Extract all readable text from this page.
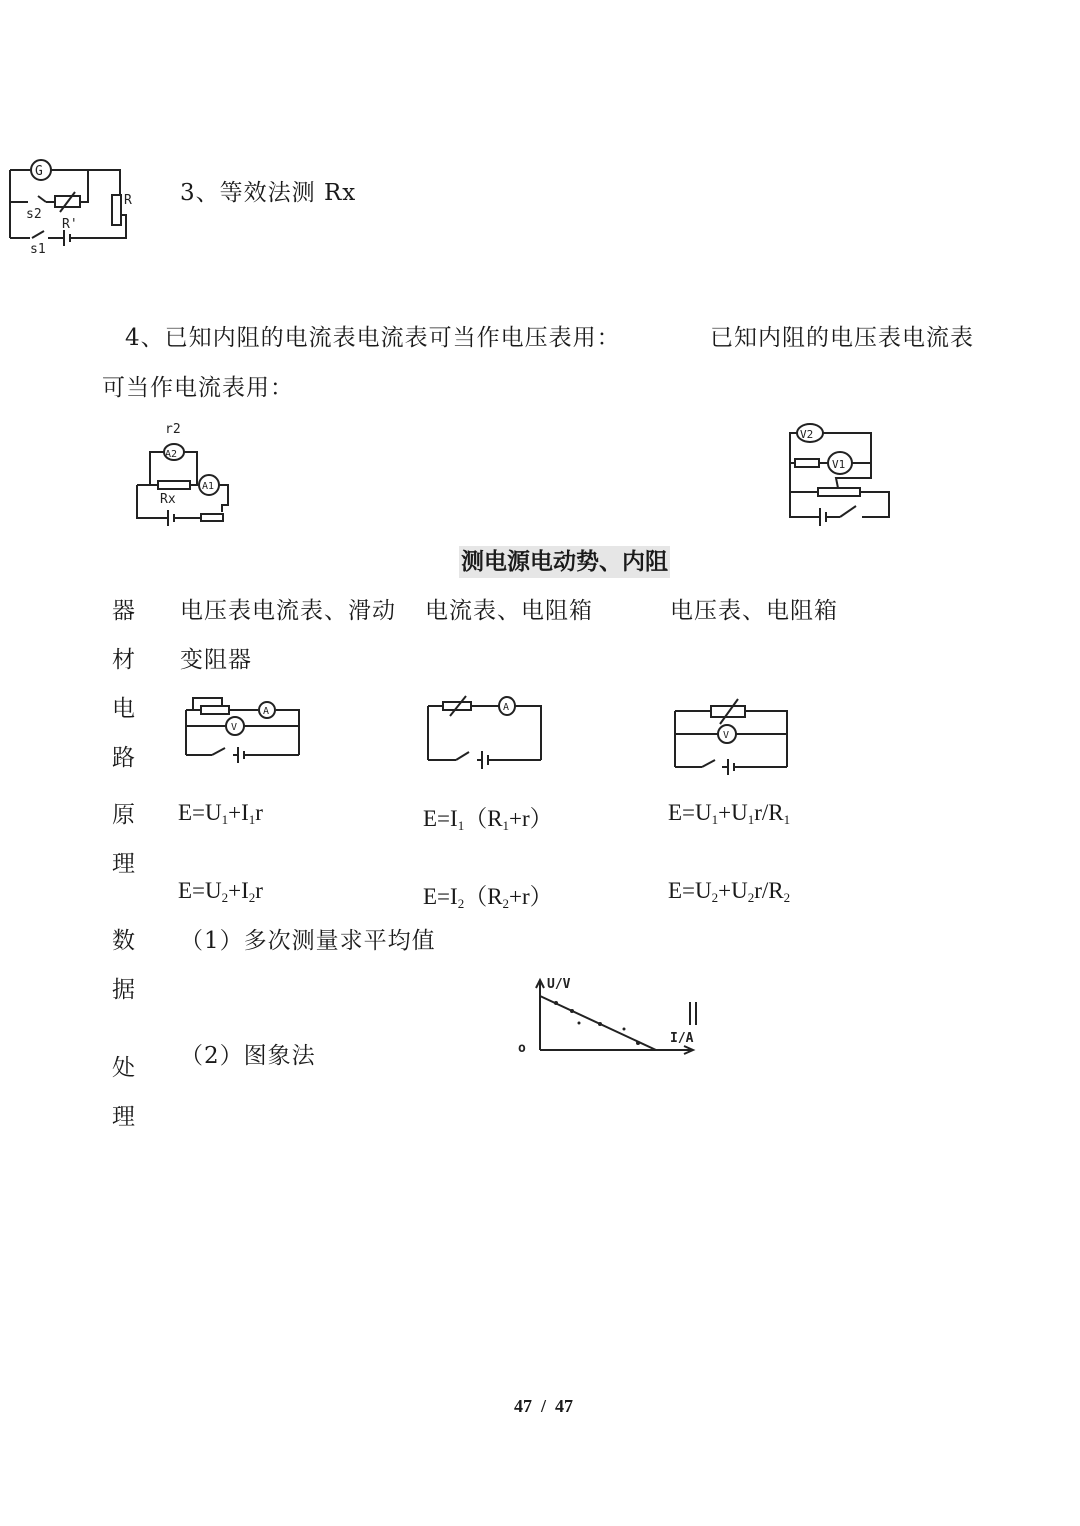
G
s2
R'
R
s1
3、等效法测 Rx
4、已知内阻的电流表电流表可当作电压表用：	已知内阻的电压表电流表
可当作电流表用：
r2
A2
Rx
A1
V2
V1
测电源电动势、内阻
器
材
电
路
原
理
数
据
处
理
电压表电流表、滑动
变阻器
电流表、电阻箱	电压表、电阻箱
A
V
A
V
$E=U_1+I_1r$
$E=U_2+I_2r$
$E=I_1(R_1+r)$
$E=I_2(R_2+r)$
$E=U_1+U_1r/R_1$
$E=U_2+U_2r/R_2$
（1）多次测量求平均值
（2）图象法
U/V
I/A
o
47 / 47
